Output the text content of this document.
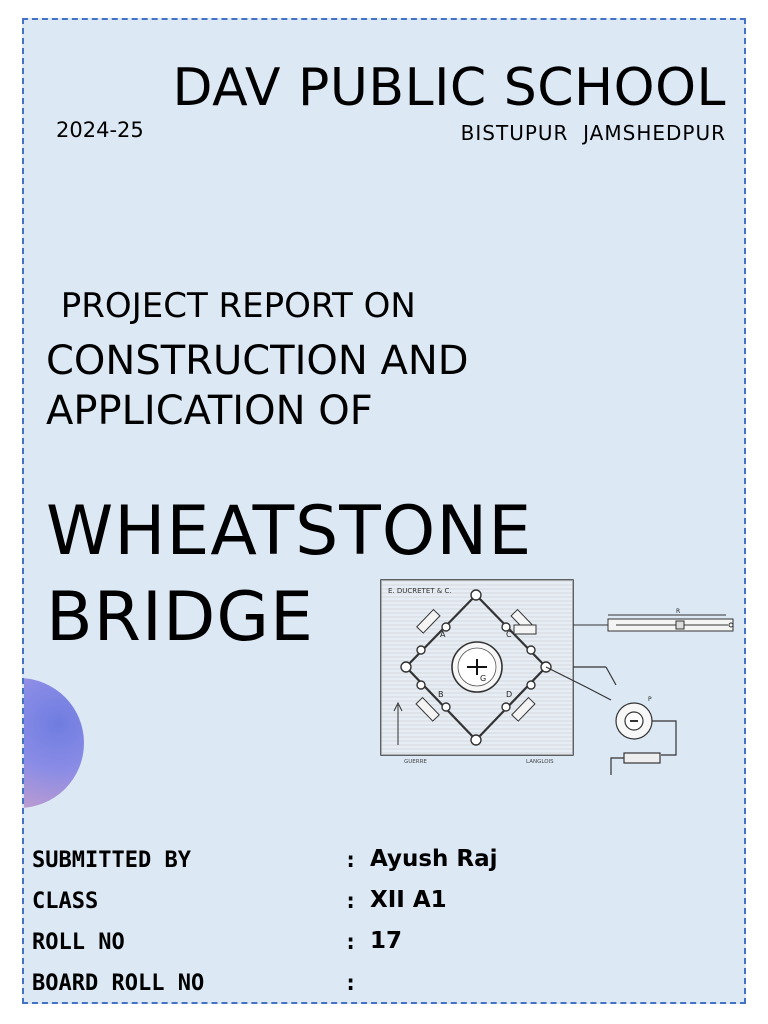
DAV PUBLIC SCHOOL
2024-25	BISTUPUR  JAMSHEDPUR
PROJECT REPORT ON
CONSTRUCTION AND
APPLICATION OF
WHEATSTONE
BRIDGE	E. DUCRETET & C.
G
A
B
C
D
GUERRE	LANGLOIS
R
P
SUBMITTED BY	: Ayush Raj
CLASS	: XII A1
ROLL NO	: 17
BOARD ROLL NO	:
